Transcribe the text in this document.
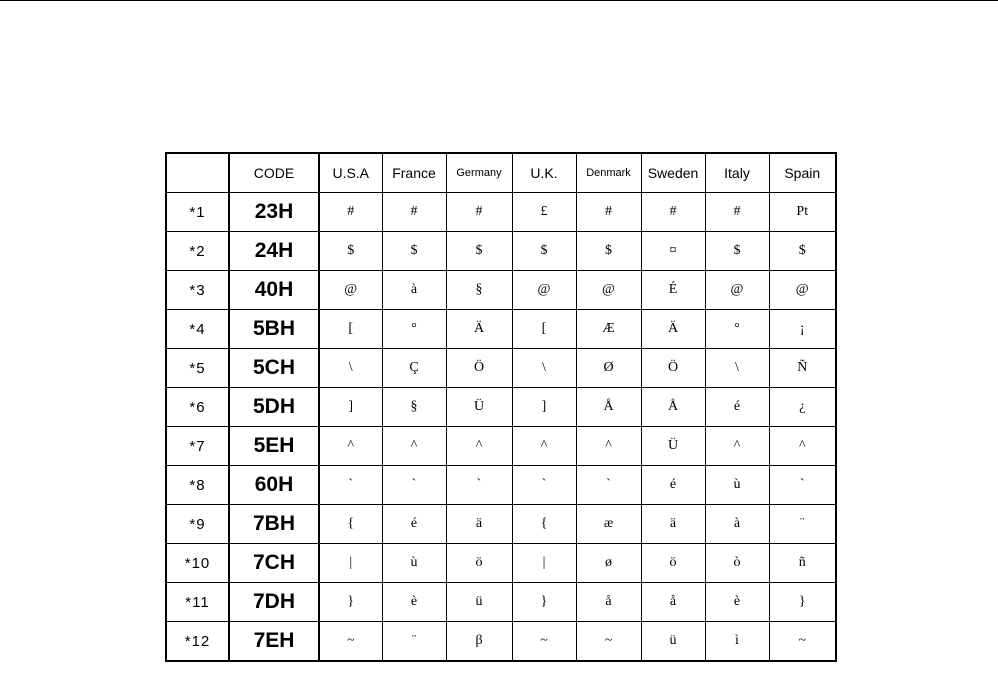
	CODE	U.S.A	France	Germany	U.K.	Denmark	Sweden	Italy	Spain
*1	23H	#	#	#	£	#	#	#	Pt
*2	24H	$	$	$	$	$	¤	$	$
*3	40H	@	à	§	@	@	É	@	@
*4	5BH	[	°	Ä	[	Æ	Ä	°	¡
*5	5CH	\	Ç	Ö	\	Ø	Ö	\	Ñ
*6	5DH	]	§	Ü	]	Å	Å	é	¿
*7	5EH	^	^	^	^	^	Ü	^	^
*8	60H	`	`	`	`	`	é	ù	`
*9	7BH	{	é	ä	{	æ	ä	à	¨
*10	7CH	|	ù	ö	|	ø	ö	ò	ñ
*11	7DH	}	è	ü	}	å	å	è	}
*12	7EH	~	¨	β	~	~	ü	ì	~
